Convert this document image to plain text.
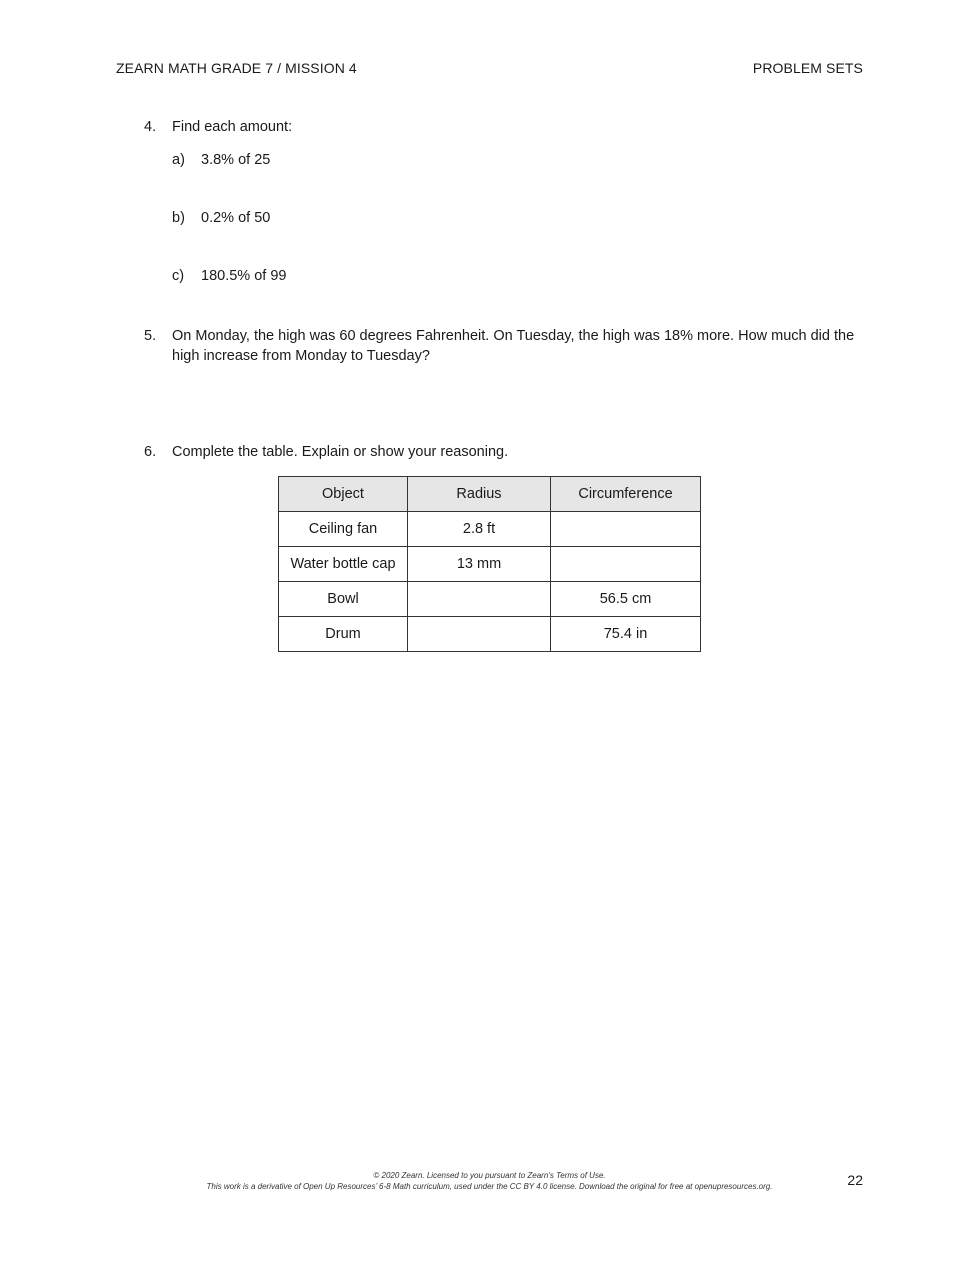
ZEARN MATH GRADE 7 / MISSION 4	PROBLEM SETS
4. Find each amount:
a) 3.8% of 25
b) 0.2% of 50
c) 180.5% of 99
5. On Monday, the high was 60 degrees Fahrenheit. On Tuesday, the high was 18% more. How much did the high increase from Monday to Tuesday?
6. Complete the table. Explain or show your reasoning.
Object	Radius	Circumference
Ceiling fan	2.8 ft	
Water bottle cap	13 mm	
Bowl		56.5 cm
Drum		75.4 in
© 2020 Zearn. Licensed to you pursuant to Zearn’s Terms of Use.
This work is a derivative of Open Up Resources’ 6-8 Math curriculum, used under the CC BY 4.0 license. Download the original for free at openupresources.org.	22
